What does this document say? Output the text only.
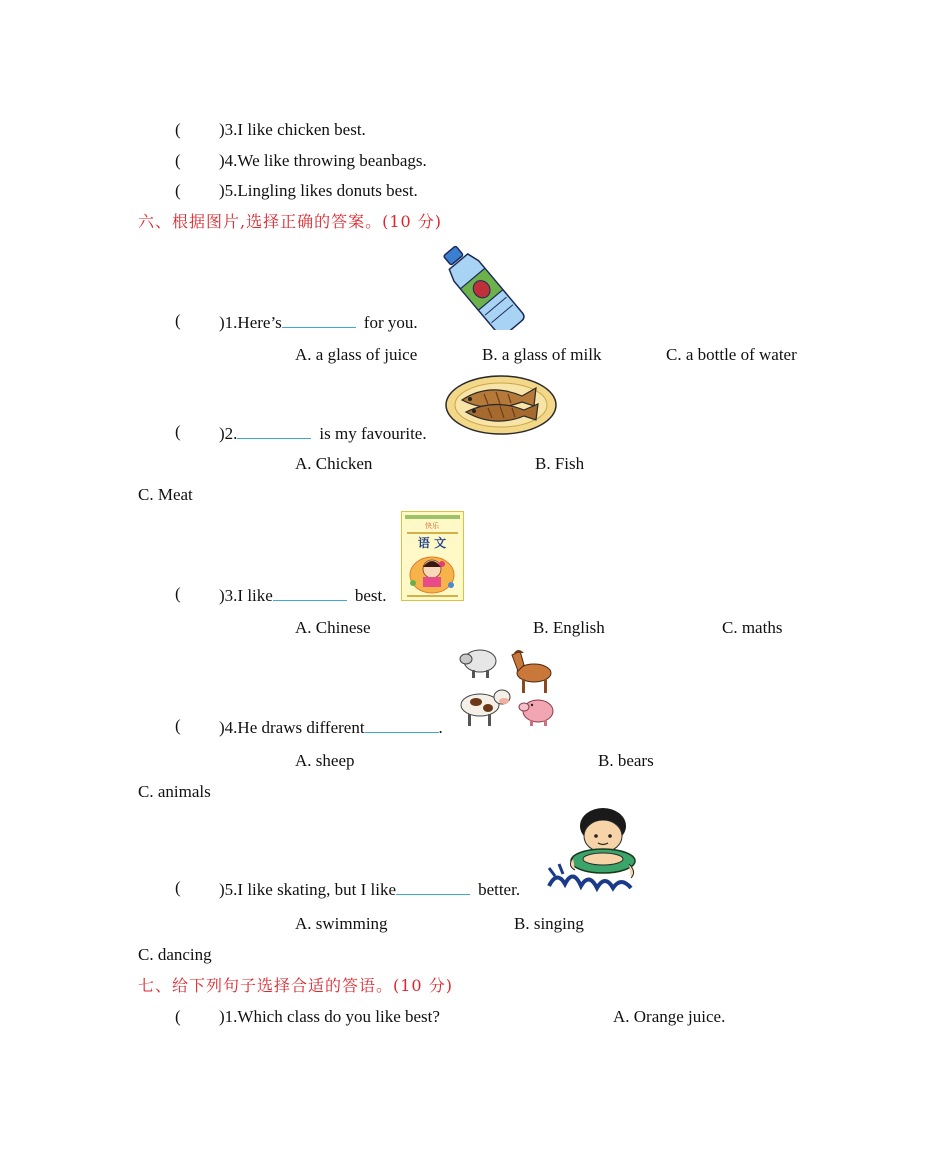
( )3.I like chicken best.
( )4.We like throwing beanbags.
( )5.Lingling likes donuts best.
六、根据图片,选择正确的答案。(10 分)
( )1.Here’s	for you.
A. a glass of juice	B. a glass of milk	C. a bottle of water
( )2.	is my favourite.
A. Chicken	B. Fish
C. Meat
快乐
语 文
( )3.I like	best.
A. Chinese	B. English	C. maths
( )4.He draws different	.
A. sheep	B. bears
C. animals
( )5.I like skating, but I like	better.
A. swimming	B. singing
C. dancing
七、给下列句子选择合适的答语。(10 分)
( )1.Which class do you like best?	A. Orange juice.
